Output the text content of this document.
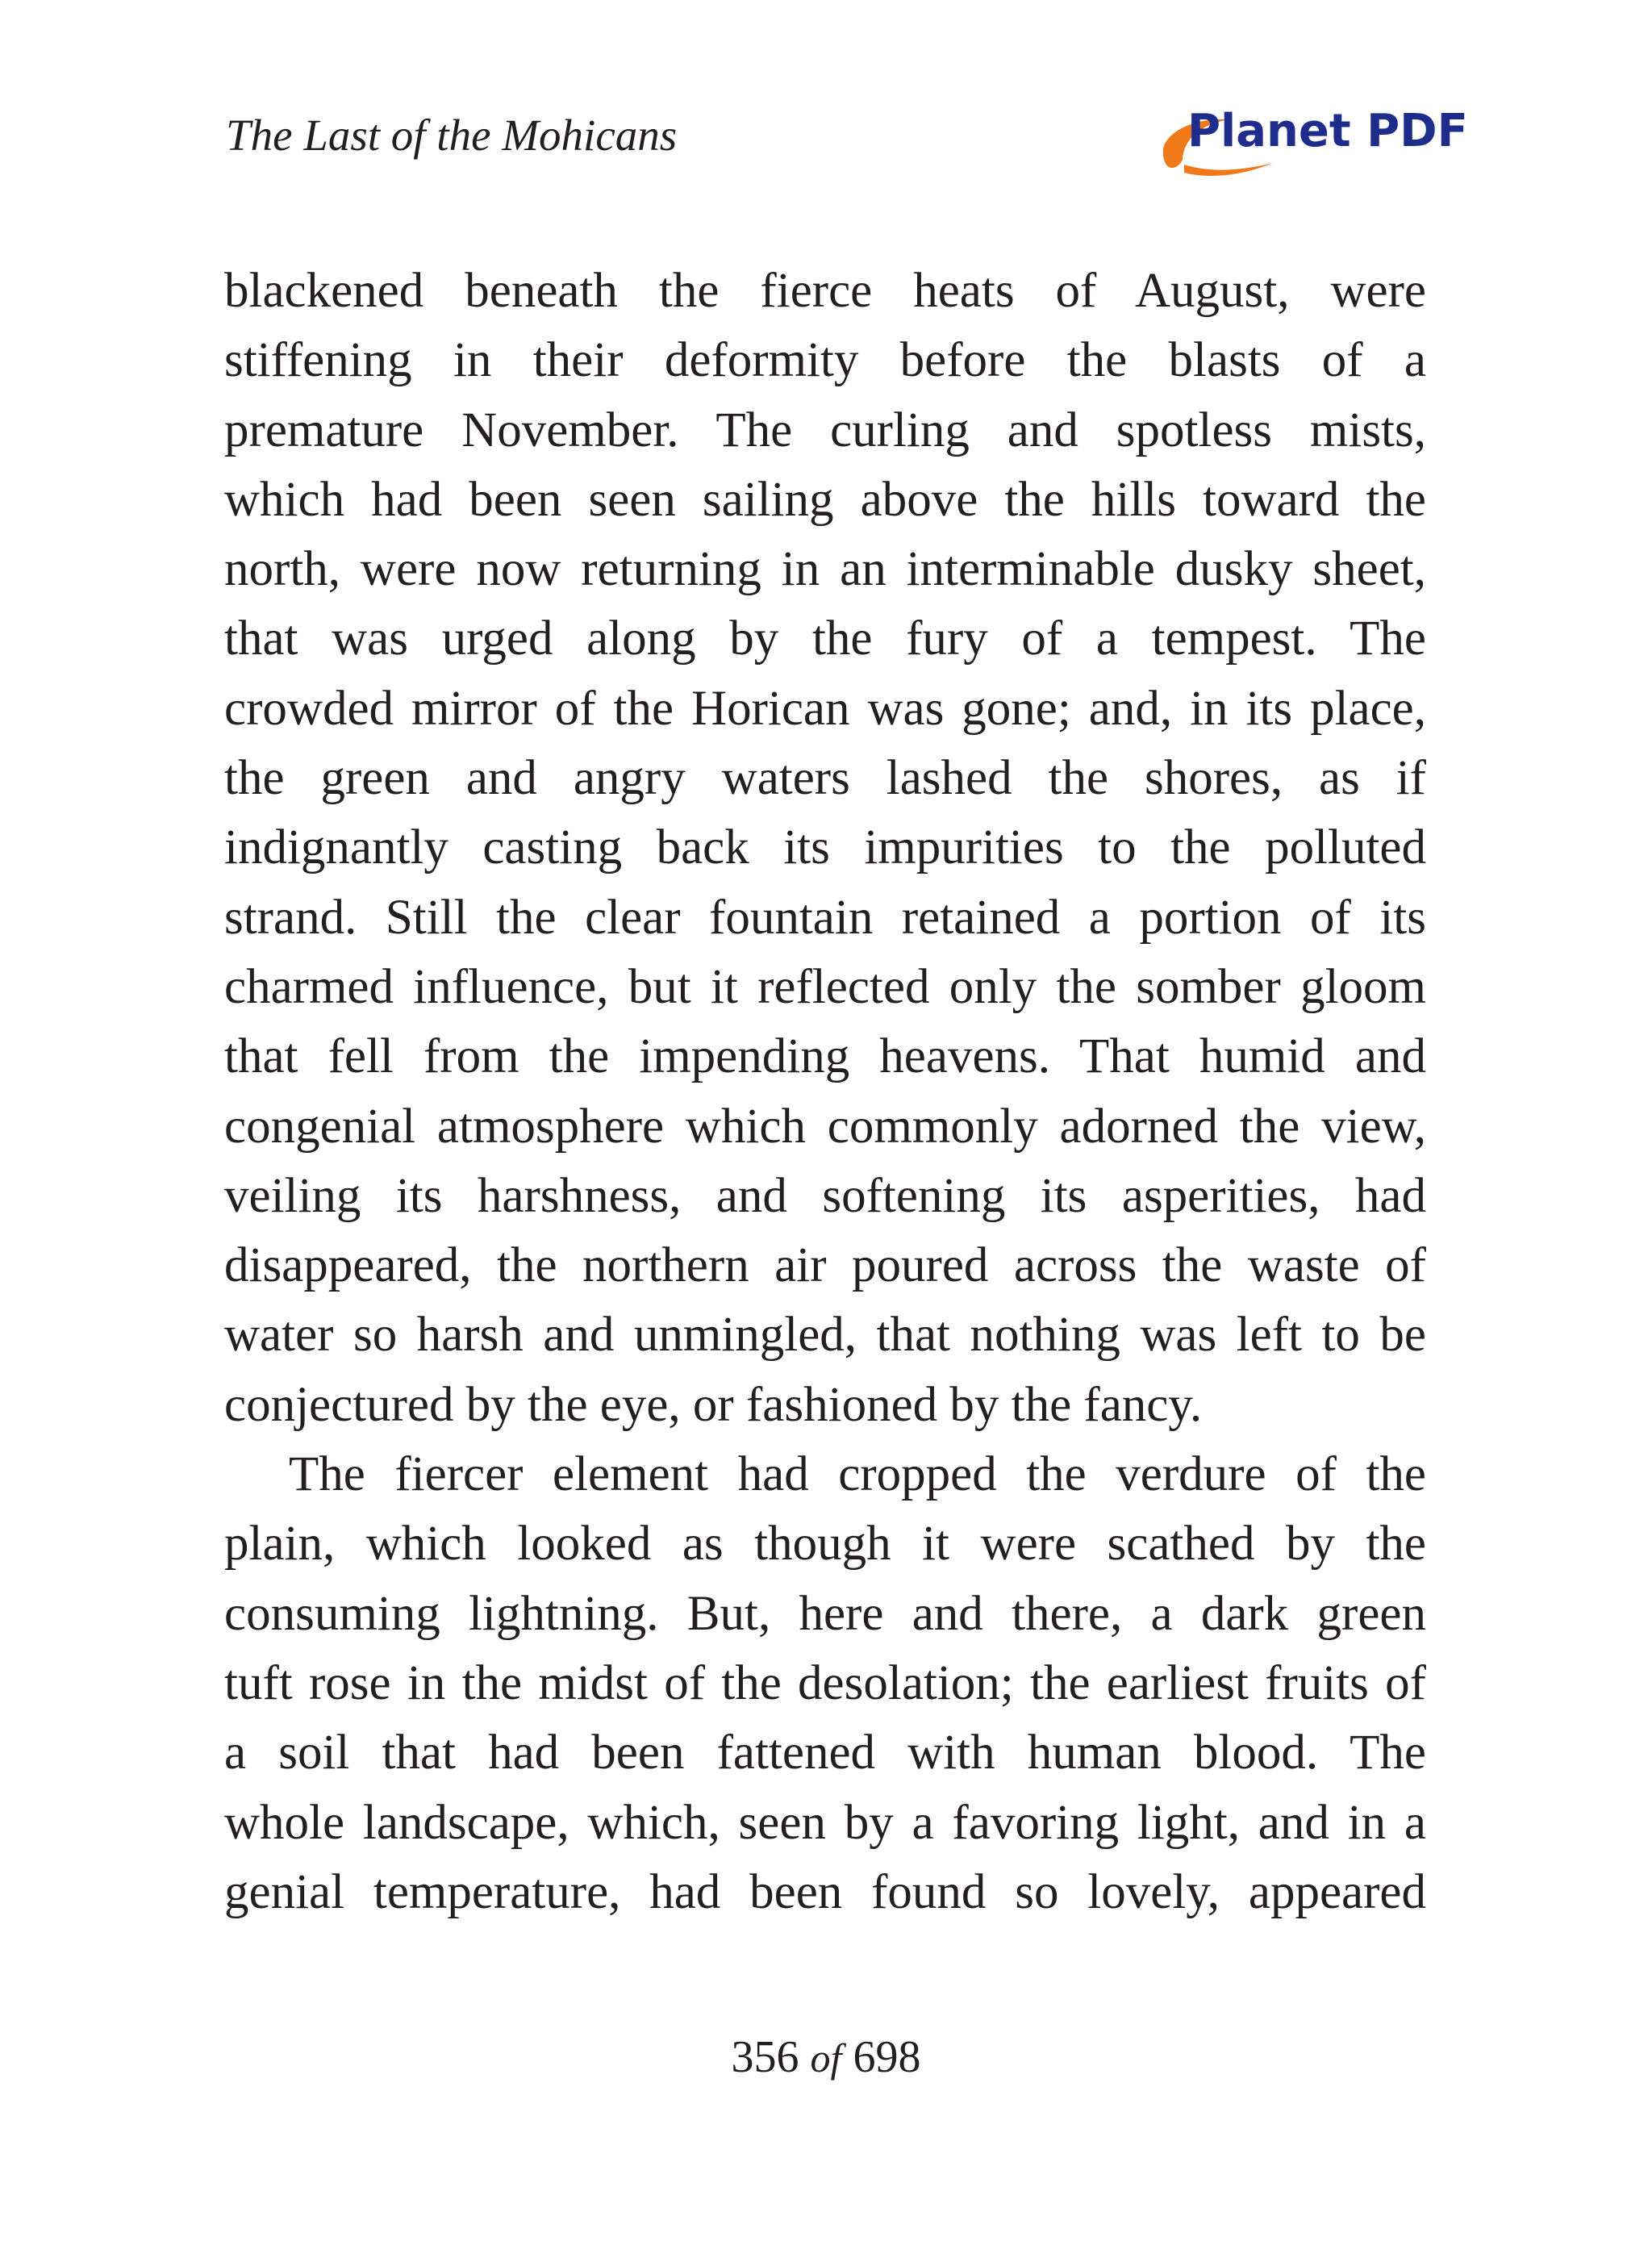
The Last of the Mohicans	Planet PDF
blackened beneath the fierce heats of August, were
stiffening in their deformity before the blasts of a
premature November. The curling and spotless mists,
which had been seen sailing above the hills toward the
north, were now returning in an interminable dusky sheet,
that was urged along by the fury of a tempest. The
crowded mirror of the Horican was gone; and, in its place,
the green and angry waters lashed the shores, as if
indignantly casting back its impurities to the polluted
strand. Still the clear fountain retained a portion of its
charmed influence, but it reflected only the somber gloom
that fell from the impending heavens. That humid and
congenial atmosphere which commonly adorned the view,
veiling its harshness, and softening its asperities, had
disappeared, the northern air poured across the waste of
water so harsh and unmingled, that nothing was left to be
conjectured by the eye, or fashioned by the fancy.
The fiercer element had cropped the verdure of the
plain, which looked as though it were scathed by the
consuming lightning. But, here and there, a dark green
tuft rose in the midst of the desolation; the earliest fruits of
a soil that had been fattened with human blood. The
whole landscape, which, seen by a favoring light, and in a
genial temperature, had been found so lovely, appeared
356 of 698
